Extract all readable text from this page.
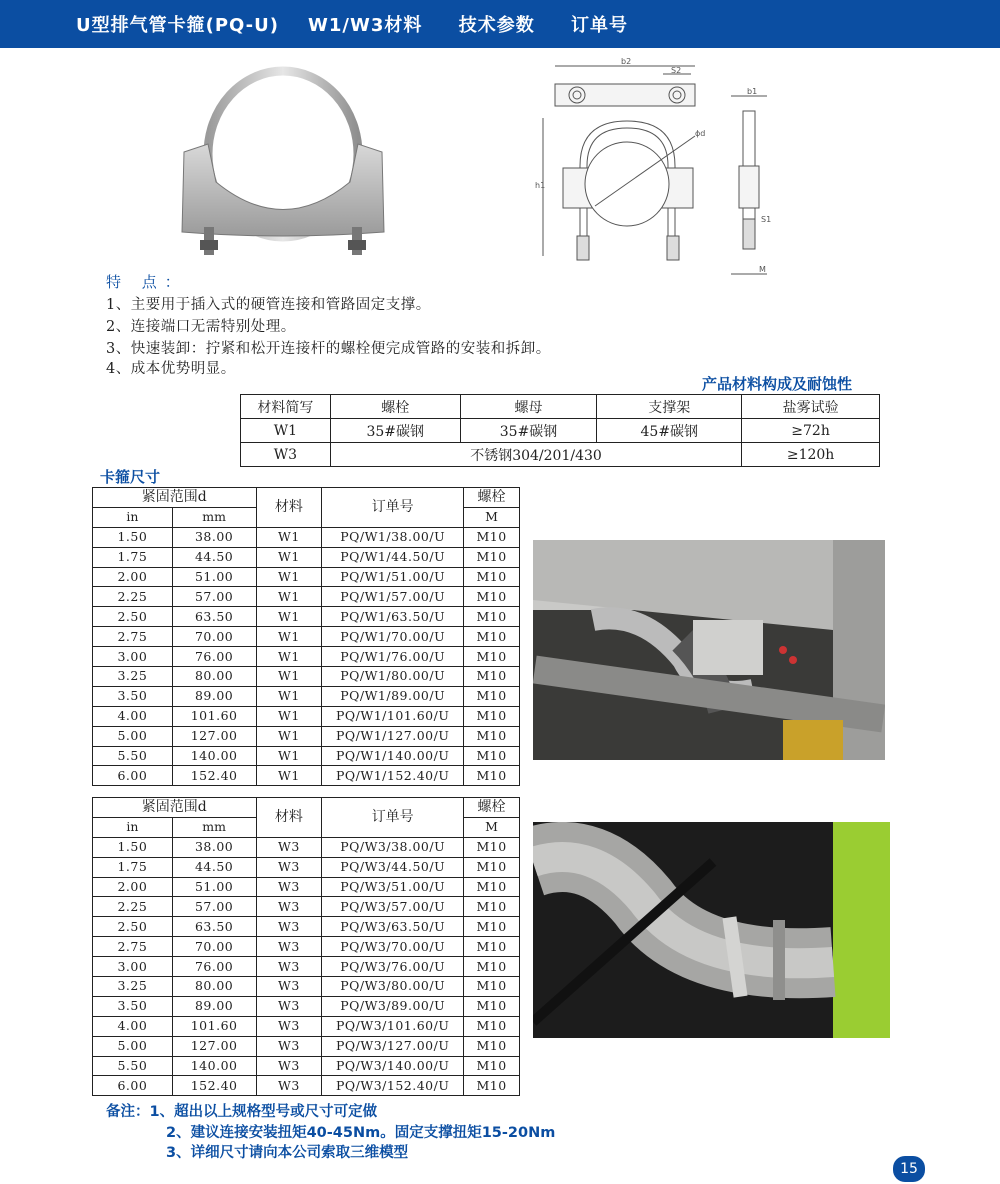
U型排气管卡箍(PQ-U)    W1/W3材料     技术参数     订单号
b2
S2
b1
ϕd
h1
S1
M
特 点：
1、主要用于插入式的硬管连接和管路固定支撑。
2、连接端口无需特别处理。
3、快速装卸：拧紧和松开连接杆的螺栓便完成管路的安装和拆卸。
4、成本优势明显。
产品材料构成及耐蚀性
材料简写	螺栓	螺母	支撑架	盐雾试验
W1	35#碳钢	35#碳钢	45#碳钢	≥72h
W3	不锈钢304/201/430			≥120h
卡箍尺寸
紧固范围d		材料	订单号	螺栓
in	mm			M
1.50	38.00	W1	PQ/W1/38.00/U	M10
1.75	44.50	W1	PQ/W1/44.50/U	M10
2.00	51.00	W1	PQ/W1/51.00/U	M10
2.25	57.00	W1	PQ/W1/57.00/U	M10
2.50	63.50	W1	PQ/W1/63.50/U	M10
2.75	70.00	W1	PQ/W1/70.00/U	M10
3.00	76.00	W1	PQ/W1/76.00/U	M10
3.25	80.00	W1	PQ/W1/80.00/U	M10
3.50	89.00	W1	PQ/W1/89.00/U	M10
4.00	101.60	W1	PQ/W1/101.60/U	M10
5.00	127.00	W1	PQ/W1/127.00/U	M10
5.50	140.00	W1	PQ/W1/140.00/U	M10
6.00	152.40	W1	PQ/W1/152.40/U	M10
紧固范围d		材料	订单号	螺栓
in	mm			M
1.50	38.00	W3	PQ/W3/38.00/U	M10
1.75	44.50	W3	PQ/W3/44.50/U	M10
2.00	51.00	W3	PQ/W3/51.00/U	M10
2.25	57.00	W3	PQ/W3/57.00/U	M10
2.50	63.50	W3	PQ/W3/63.50/U	M10
2.75	70.00	W3	PQ/W3/70.00/U	M10
3.00	76.00	W3	PQ/W3/76.00/U	M10
3.25	80.00	W3	PQ/W3/80.00/U	M10
3.50	89.00	W3	PQ/W3/89.00/U	M10
4.00	101.60	W3	PQ/W3/101.60/U	M10
5.00	127.00	W3	PQ/W3/127.00/U	M10
5.50	140.00	W3	PQ/W3/140.00/U	M10
6.00	152.40	W3	PQ/W3/152.40/U	M10
备注：1、超出以上规格型号或尺寸可定做
2、建议连接安装扭矩40-45Nm。固定支撑扭矩15-20Nm
3、详细尺寸请向本公司索取三维模型
15
